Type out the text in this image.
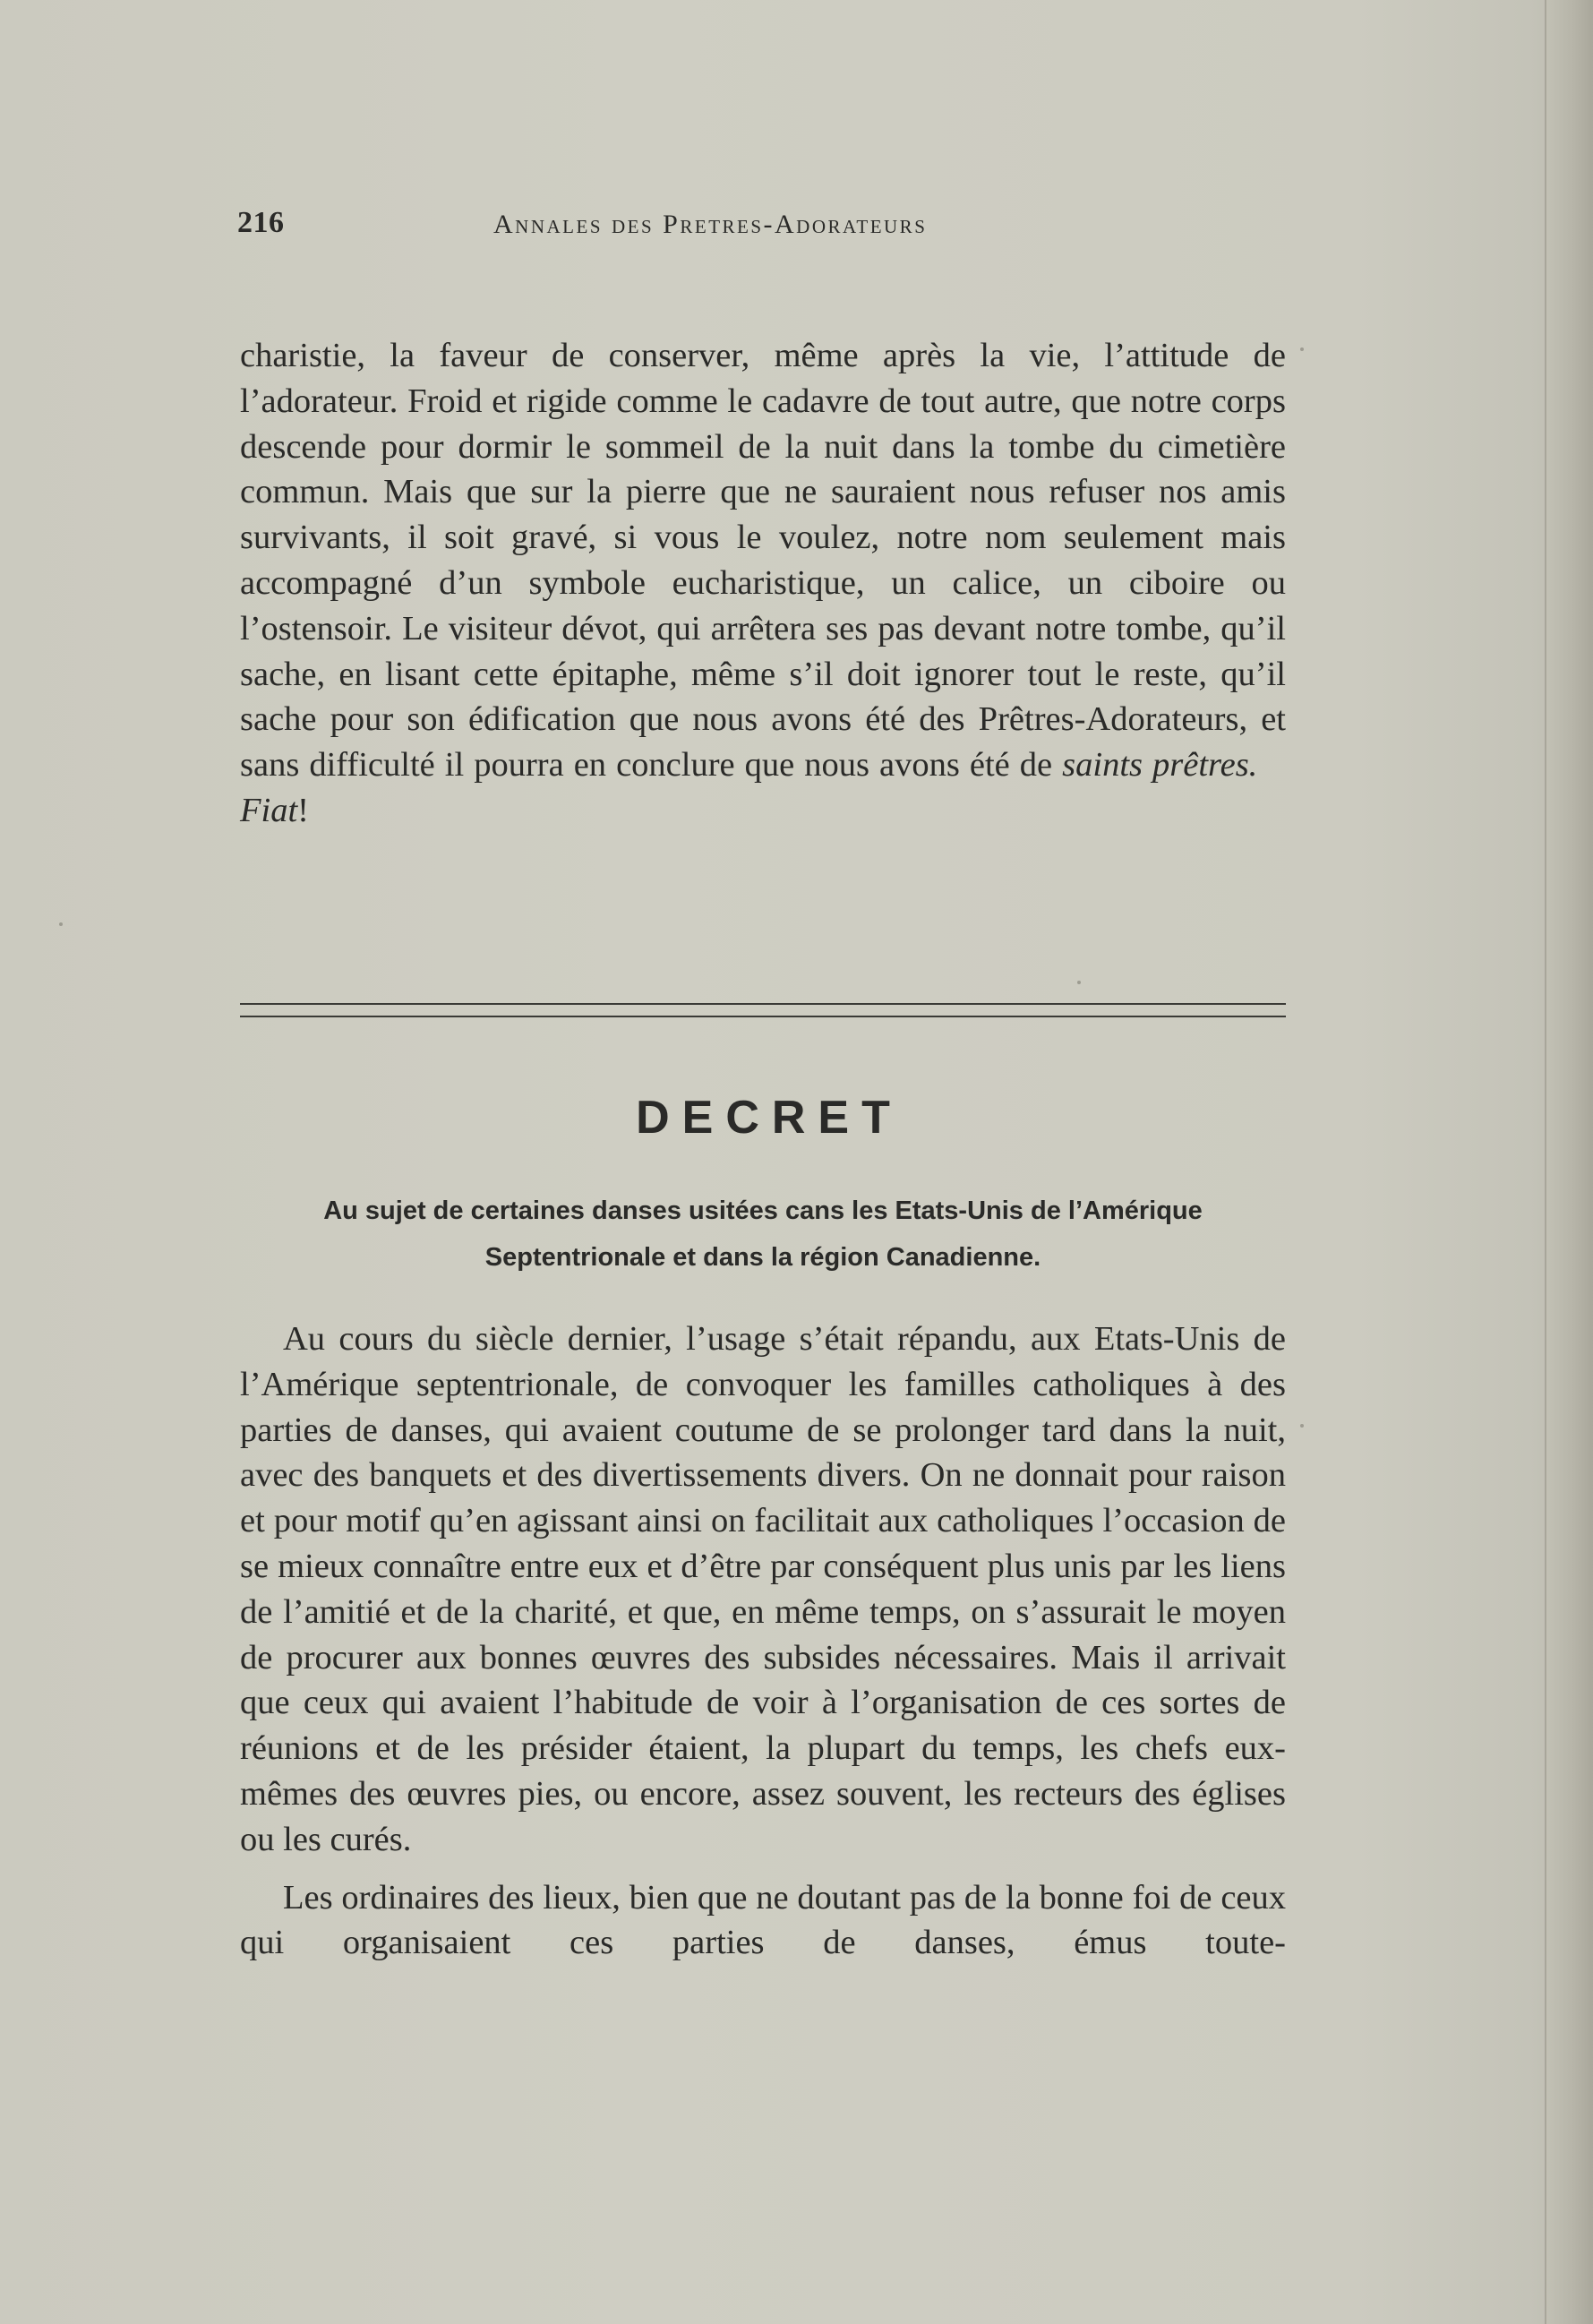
216	Annales des Pretres-Adorateurs

charistie, la faveur de conserver, même après la vie, l’attitude de l’adorateur. Froid et rigide comme le cadavre de tout autre, que notre corps descende pour dormir le sommeil de la nuit dans la tombe du cimetière commun. Mais que sur la pierre que ne sauraient nous refuser nos amis survivants, il soit gravé, si vous le voulez, notre nom seulement mais accompagné d’un symbole eucharistique, un calice, un ciboire ou l’ostensoir. Le visiteur dévot, qui arrêtera ses pas devant notre tombe, qu’il sache, en lisant cette épitaphe, même s’il doit ignorer tout le reste, qu’il sache pour son édification que nous avons été des Prêtres-Adorateurs, et sans difficulté il pourra en conclure que nous avons été de saints prêtres.    Fiat!

DECRET
Au sujet de certaines danses usitées cans les Etats-Unis de l’Amérique Septentrionale et dans la région Canadienne.

Au cours du siècle dernier, l’usage s’était répandu, aux Etats-Unis de l’Amérique septentrionale, de convoquer les familles catholiques à des parties de danses, qui avaient coutume de se prolonger tard dans la nuit, avec des banquets et des divertissements divers. On ne donnait pour raison et pour motif qu’en agissant ainsi on facilitait aux catholiques l’occasion de se mieux connaître entre eux et d’être par conséquent plus unis par les liens de l’amitié et de la charité, et que, en même temps, on s’assurait le moyen de procurer aux bonnes œuvres des subsides nécessaires. Mais il arrivait que ceux qui avaient l’habitude de voir à l’organisation de ces sortes de réunions et de les présider étaient, la plupart du temps, les chefs eux-mêmes des œuvres pies, ou encore, assez souvent, les recteurs des églises ou les curés.

Les ordinaires des lieux, bien que ne doutant pas de la bonne foi de ceux qui organisaient ces parties de danses, émus toute-
